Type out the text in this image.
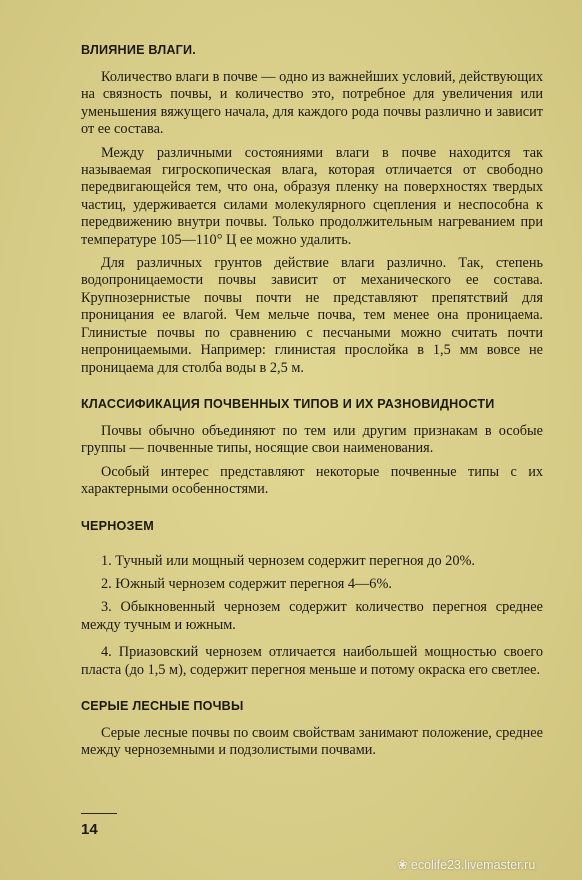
ВЛИЯНИЕ ВЛАГИ.

Количество влаги в почве — одно из важнейших условий, действующих на связность почвы, и количество это, потребное для увеличения или уменьшения вяжущего начала, для каждого рода почвы различно и зависит от ее состава.

Между различными состояниями влаги в почве находится так называемая гигроскопическая влага, которая отличается от свободно передвигающейся тем, что она, образуя пленку на поверхностях твердых частиц, удерживается силами молекулярного сцепления и неспособна к передвижению внутри почвы. Только продолжительным нагреванием при температуре 105—110° Ц ее можно удалить.

Для различных грунтов действие влаги различно. Так, степень водопроницаемости почвы зависит от механического ее состава. Крупнозернистые почвы почти не представляют препятствий для проницания ее влагой. Чем мельче почва, тем менее она проницаема. Глинистые почвы по сравнению с песчаными можно считать почти непроницаемыми. Например: глинистая прослойка в 1,5 мм вовсе не проницаема для столба воды в 2,5 м.

КЛАССИФИКАЦИЯ ПОЧВЕННЫХ ТИПОВ И ИХ РАЗНОВИДНОСТИ

Почвы обычно объединяют по тем или другим признакам в особые группы — почвенные типы, носящие свои наименования.

Особый интерес представляют некоторые почвенные типы с их характерными особенностями.

ЧЕРНОЗЕМ

1. Тучный или мощный чернозем содержит перегноя до 20%.

2. Южный чернозем содержит перегноя 4—6%.

3. Обыкновенный чернозем содержит количество перегноя среднее между тучным и южным.

4. Приазовский чернозем отличается наибольшей мощностью своего пласта (до 1,5 м), содержит перегноя меньше и потому окраска его светлее.

СЕРЫЕ ЛЕСНЫЕ ПОЧВЫ

Серые лесные почвы по своим свойствам занимают положение, среднее между черноземными и подзолистыми почвами.

14
❀ ecolife23.livemaster.ru
